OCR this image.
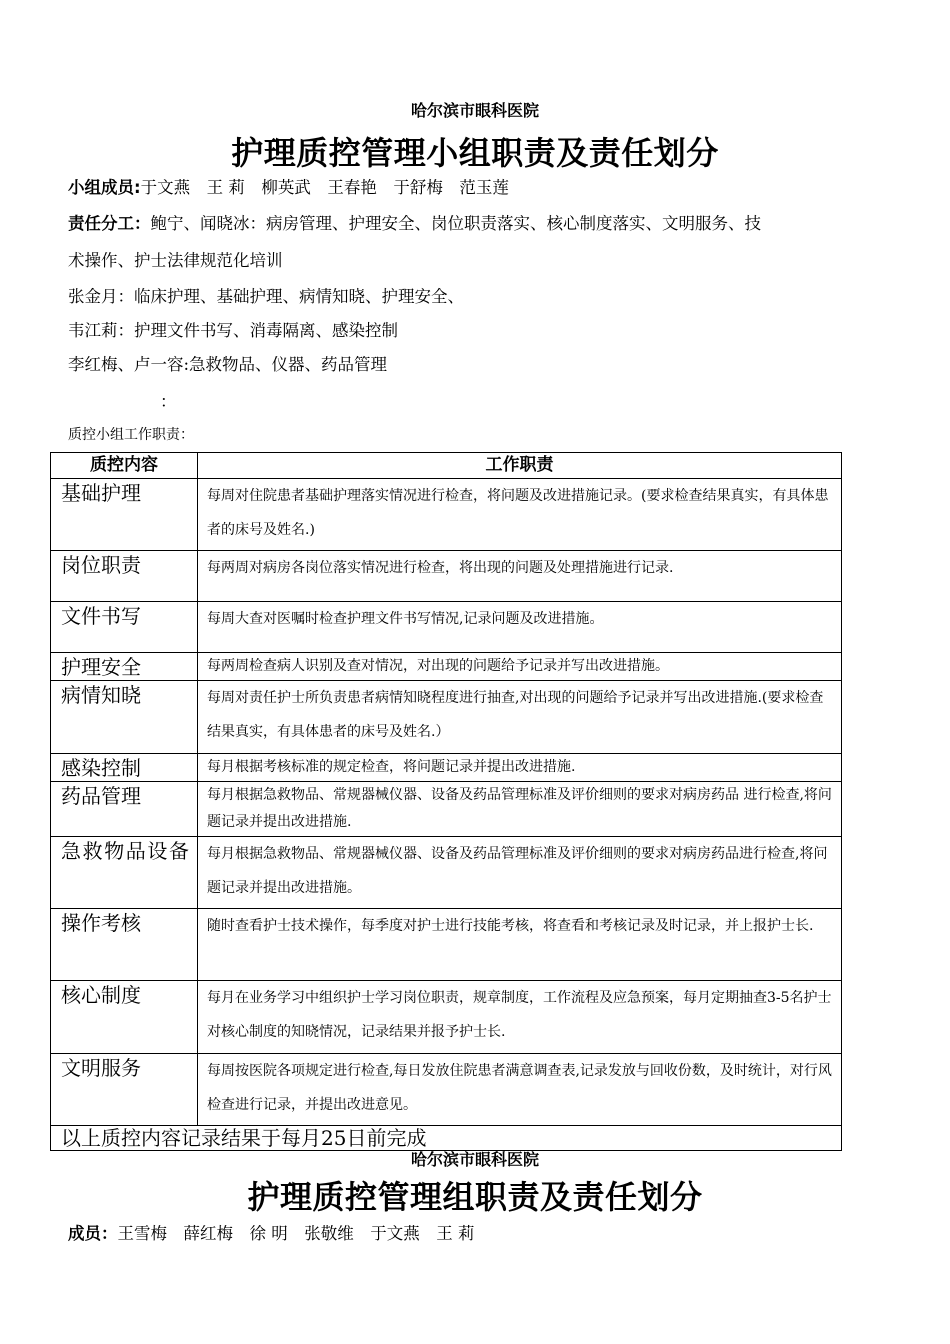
哈尔滨市眼科医院
护理质控管理小组职责及责任划分
小组成员:于文燕　王 莉　柳英武　王春艳　于舒梅　范玉莲
责任分工：鲍宁、闻晓冰：病房管理、护理安全、岗位职责落实、核心制度落实、文明服务、技
术操作、护士法律规范化培训
张金月：临床护理、基础护理、病情知晓、护理安全、
韦江莉：护理文件书写、消毒隔离、感染控制
李红梅、卢一容:急救物品、仪器、药品管理
：
质控小组工作职责：
质控内容	工作职责
基础护理	每周对住院患者基础护理落实情况进行检查，将问题及改进措施记录。(要求检查结果真实，有具体患者的床号及姓名.)
岗位职责	每两周对病房各岗位落实情况进行检查，将出现的问题及处理措施进行记录.
文件书写	每周大查对医嘱时检查护理文件书写情况,记录问题及改进措施。
护理安全	每两周检查病人识别及查对情况，对出现的问题给予记录并写出改进措施。
病情知晓	每周对责任护士所负责患者病情知晓程度进行抽查,对出现的问题给予记录并写出改进措施.(要求检查结果真实，有具体患者的床号及姓名.）
感染控制	每月根据考核标准的规定检查，将问题记录并提出改进措施.
药品管理	每月根据急救物品、常规器械仪器、设备及药品管理标准及评价细则的要求对病房药品 进行检查,将问题记录并提出改进措施.
急救物品设备	每月根据急救物品、常规器械仪器、设备及药品管理标准及评价细则的要求对病房药品进行检查,将问题记录并提出改进措施。
操作考核	随时查看护士技术操作，每季度对护士进行技能考核，将查看和考核记录及时记录，并上报护士长.
核心制度	每月在业务学习中组织护士学习岗位职责，规章制度，工作流程及应急预案，每月定期抽查3-5名护士对核心制度的知晓情况，记录结果并报予护士长.
文明服务	每周按医院各项规定进行检查,每日发放住院患者满意调查表,记录发放与回收份数，及时统计，对行风检查进行记录，并提出改进意见。
以上质控内容记录结果于每月25日前完成	
哈尔滨市眼科医院
护理质控管理组职责及责任划分
成员：王雪梅　薛红梅　徐 明　张敬维　于文燕　王 莉
